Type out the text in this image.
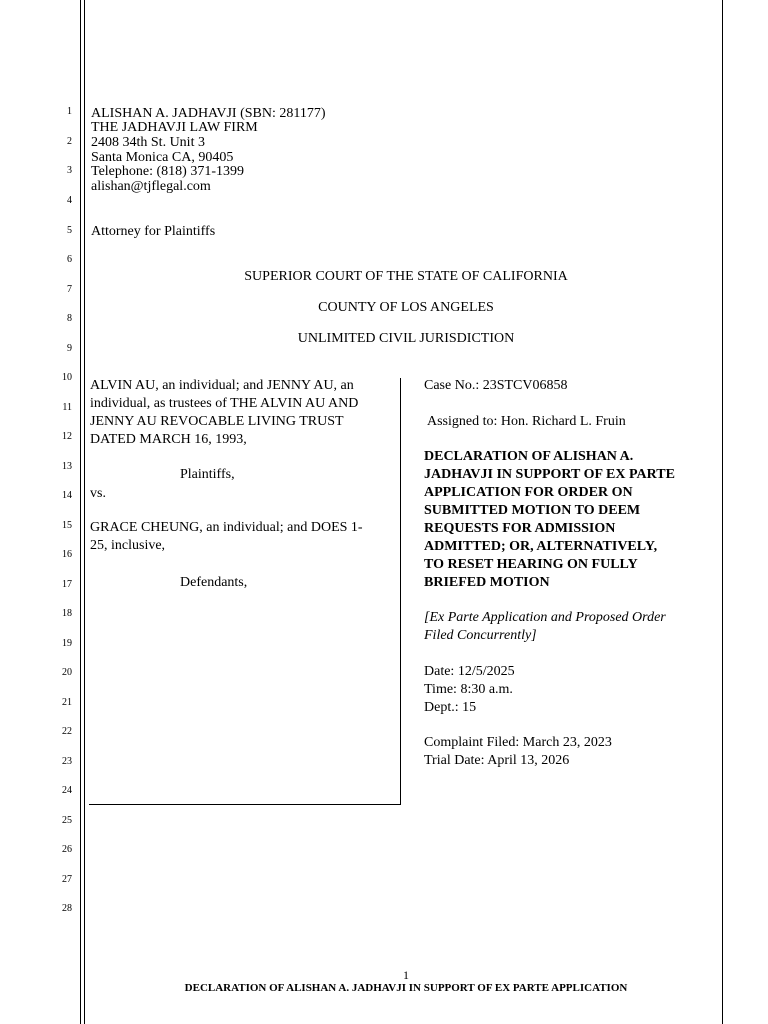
1
2
3
4
5
6
7
8
9
10
11
12
13
14
15
16
17
18
19
20
21
22
23
24
25
26
27
28
ALISHAN A. JADHAVJI (SBN: 281177)
THE JADHAVJI LAW FIRM
2408 34th St. Unit 3
Santa Monica CA, 90405
Telephone: (818) 371-1399
alishan@tjflegal.com
Attorney for Plaintiffs
SUPERIOR COURT OF THE STATE OF CALIFORNIA
COUNTY OF LOS ANGELES
UNLIMITED CIVIL JURISDICTION
ALVIN AU, an individual; and JENNY AU, an
individual, as trustees of THE ALVIN AU AND
JENNY AU REVOCABLE LIVING TRUST
DATED MARCH 16, 1993,
Plaintiffs,
vs.
GRACE CHEUNG, an individual; and DOES 1-
25, inclusive,
Defendants,
Case No.: 23STCV06858
Assigned to: Hon. Richard L. Fruin
DECLARATION OF ALISHAN A.
JADHAVJI IN SUPPORT OF EX PARTE
APPLICATION FOR ORDER ON
SUBMITTED MOTION TO DEEM
REQUESTS FOR ADMISSION
ADMITTED; OR, ALTERNATIVELY,
TO RESET HEARING ON FULLY
BRIEFED MOTION
[Ex Parte Application and Proposed Order
Filed Concurrently]
Date: 12/5/2025
Time: 8:30 a.m.
Dept.: 15
Complaint Filed: March 23, 2023
Trial Date: April 13, 2026
1
DECLARATION OF ALISHAN A. JADHAVJI IN SUPPORT OF EX PARTE APPLICATION
